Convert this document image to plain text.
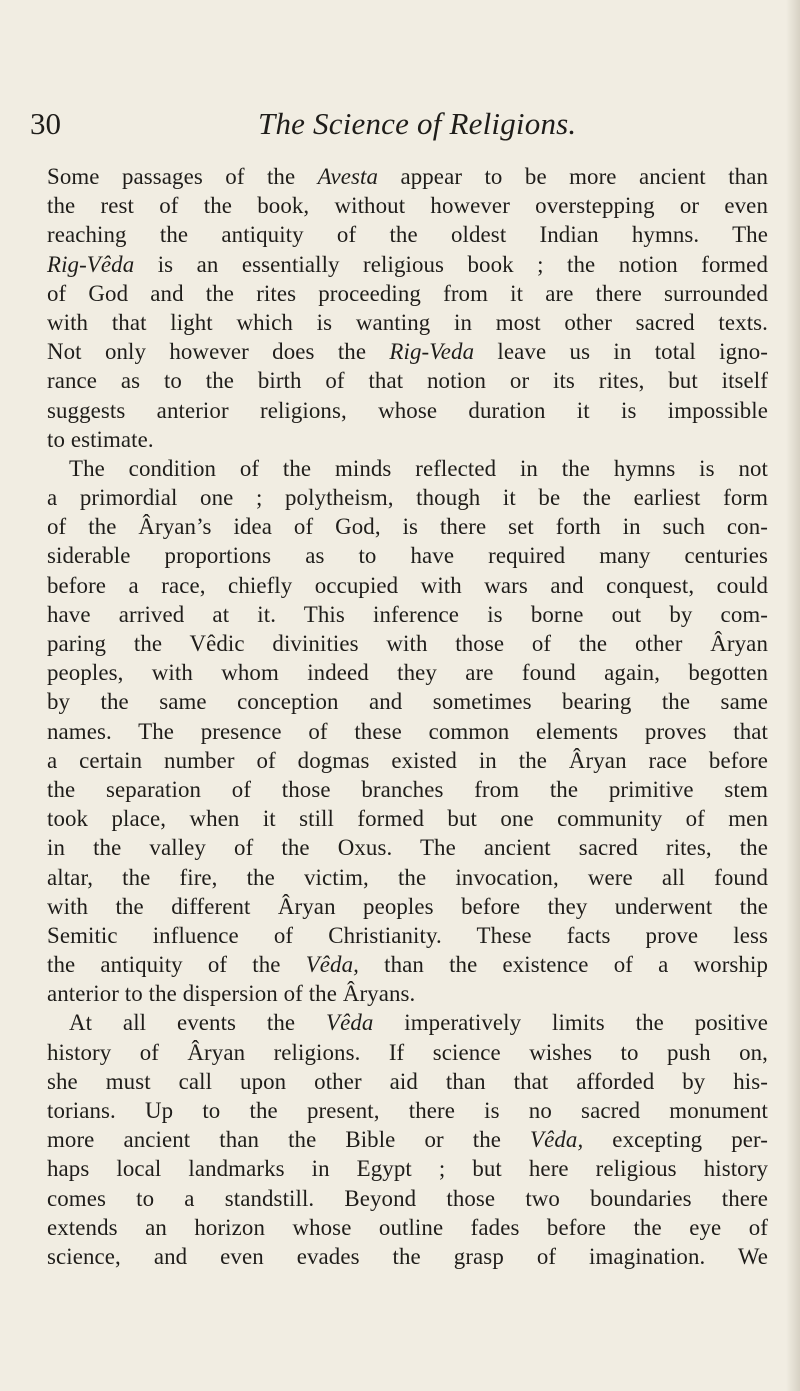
30	The Science of Religions.
Some passages of the Avesta appear to be more ancient than
the rest of the book, without however overstepping or even
reaching the antiquity of the oldest Indian hymns. The
Rig-Vêda is an essentially religious book ; the notion formed
of God and the rites proceeding from it are there surrounded
with that light which is wanting in most other sacred texts.
Not only however does the Rig-Veda leave us in total igno-
rance as to the birth of that notion or its rites, but itself
suggests anterior religions, whose duration it is impossible
to estimate.
The condition of the minds reflected in the hymns is not
a primordial one ; polytheism, though it be the earliest form
of the Âryan’s idea of God, is there set forth in such con-
siderable proportions as to have required many centuries
before a race, chiefly occupied with wars and conquest, could
have arrived at it. This inference is borne out by com-
paring the Vêdic divinities with those of the other Âryan
peoples, with whom indeed they are found again, begotten
by the same conception and sometimes bearing the same
names. The presence of these common elements proves that
a certain number of dogmas existed in the Âryan race before
the separation of those branches from the primitive stem
took place, when it still formed but one community of men
in the valley of the Oxus. The ancient sacred rites, the
altar, the fire, the victim, the invocation, were all found
with the different Âryan peoples before they underwent the
Semitic influence of Christianity. These facts prove less
the antiquity of the Vêda, than the existence of a worship
anterior to the dispersion of the Âryans.
At all events the Vêda imperatively limits the positive
history of Âryan religions. If science wishes to push on,
she must call upon other aid than that afforded by his-
torians. Up to the present, there is no sacred monument
more ancient than the Bible or the Vêda, excepting per-
haps local landmarks in Egypt ; but here religious history
comes to a standstill. Beyond those two boundaries there
extends an horizon whose outline fades before the eye of
science, and even evades the grasp of imagination. We
